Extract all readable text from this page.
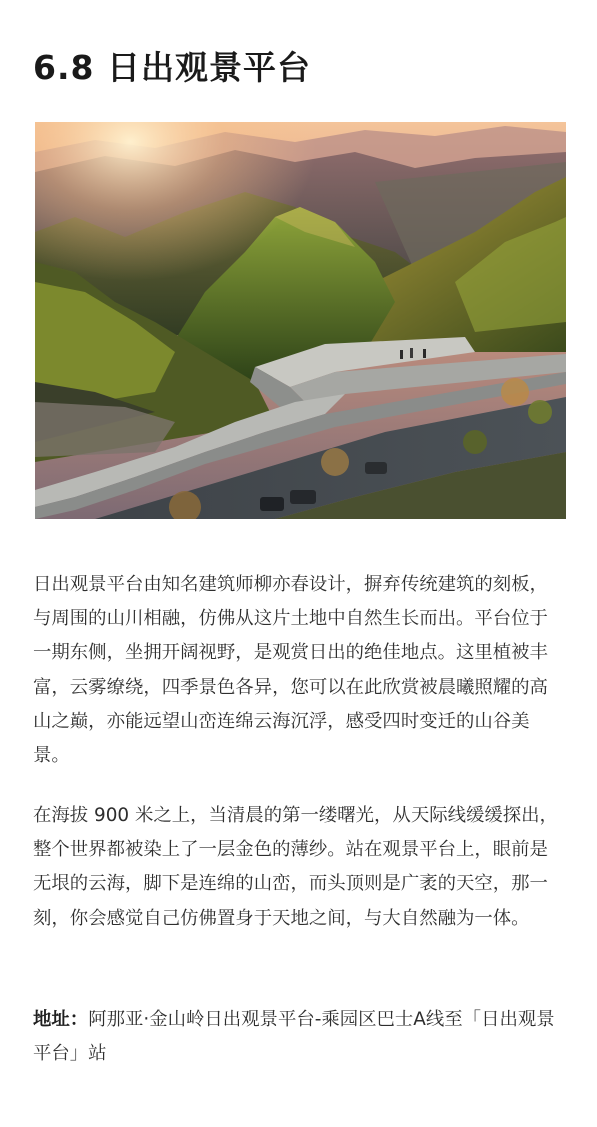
6.8 日出观景平台

日出观景平台由知名建筑师柳亦春设计，摒弃传统建筑的刻板，与周围的山川相融，仿佛从这片土地中自然生长而出。平台位于一期东侧，坐拥开阔视野，是观赏日出的绝佳地点。这里植被丰富，云雾缭绕，四季景色各异，您可以在此欣赏被晨曦照耀的高山之巅，亦能远望山峦连绵云海沉浮，感受四时变迁的山谷美景。

在海拔 900 米之上，当清晨的第一缕曙光，从天际线缓缓探出，整个世界都被染上了一层金色的薄纱。站在观景平台上，眼前是无垠的云海，脚下是连绵的山峦，而头顶则是广袤的天空，那一刻，你会感觉自己仿佛置身于天地之间，与大自然融为一体。

地址：阿那亚·金山岭日出观景平台-乘园区巴士A线至「日出观景平台」站
